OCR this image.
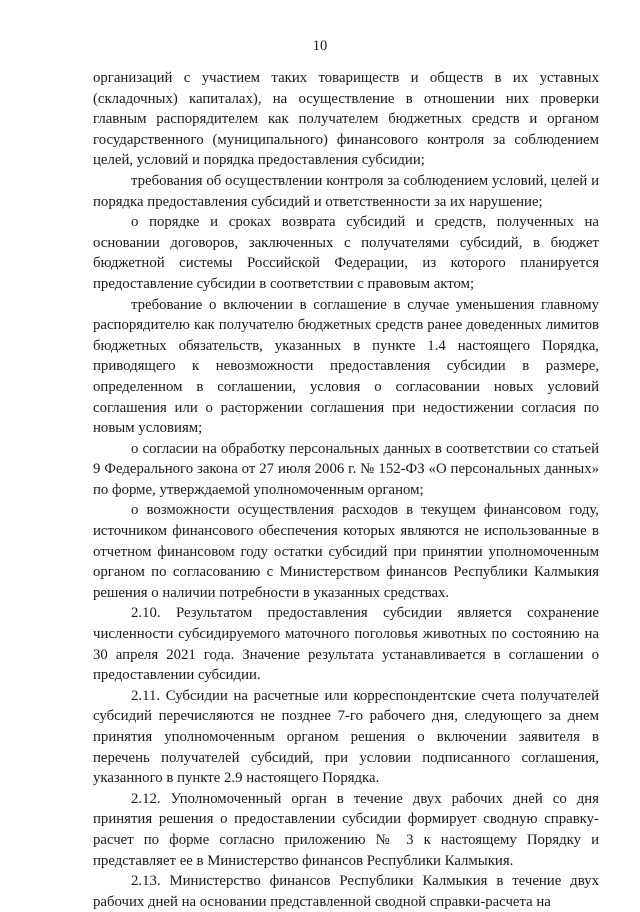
10

организаций с участием таких товариществ и обществ в их уставных (складочных) капиталах), на осуществление в отношении них проверки главным распорядителем как получателем бюджетных средств и органом государственного (муниципального) финансового контроля за соблюдением целей, условий и порядка предоставления субсидии;

требования об осуществлении контроля за соблюдением условий, целей и порядка предоставления субсидий и ответственности за их нарушение;

о порядке и сроках возврата субсидий и средств, полученных на основании договоров, заключенных с получателями субсидий, в бюджет бюджетной системы Российской Федерации, из которого планируется предоставление субсидии в соответствии с правовым актом;

требование о включении в соглашение в случае уменьшения главному распорядителю как получателю бюджетных средств ранее доведенных лимитов бюджетных обязательств, указанных в пункте 1.4 настоящего Порядка, приводящего к невозможности предоставления субсидии в размере, определенном в соглашении, условия о согласовании новых условий соглашения или о расторжении соглашения при недостижении согласия по новым условиям;

о согласии на обработку персональных данных в соответствии со статьей 9 Федерального закона от 27 июля 2006 г. № 152-ФЗ «О персональных данных» по форме, утверждаемой уполномоченным органом;

о возможности осуществления расходов в текущем финансовом году, источником финансового обеспечения которых являются не использованные в отчетном финансовом году остатки субсидий при принятии уполномоченным органом по согласованию с Министерством финансов Республики Калмыкия решения о наличии потребности в указанных средствах.

2.10. Результатом предоставления субсидии является сохранение численности субсидируемого маточного поголовья животных по состоянию на 30 апреля 2021 года. Значение результата устанавливается в соглашении о предоставлении субсидии.

2.11. Субсидии на расчетные или корреспондентские счета получателей субсидий перечисляются не позднее 7-го рабочего дня, следующего за днем принятия уполномоченным органом решения о включении заявителя в перечень получателей субсидий, при условии подписанного соглашения, указанного в пункте 2.9 настоящего Порядка.

2.12. Уполномоченный орган в течение двух рабочих дней со дня принятия решения о предоставлении субсидии формирует сводную справку-расчет по форме согласно приложению № 3 к настоящему Порядку и представляет ее в Министерство финансов Республики Калмыкия.

2.13. Министерство финансов Республики Калмыкия в течение двух рабочих дней на основании представленной сводной справки-расчета на
